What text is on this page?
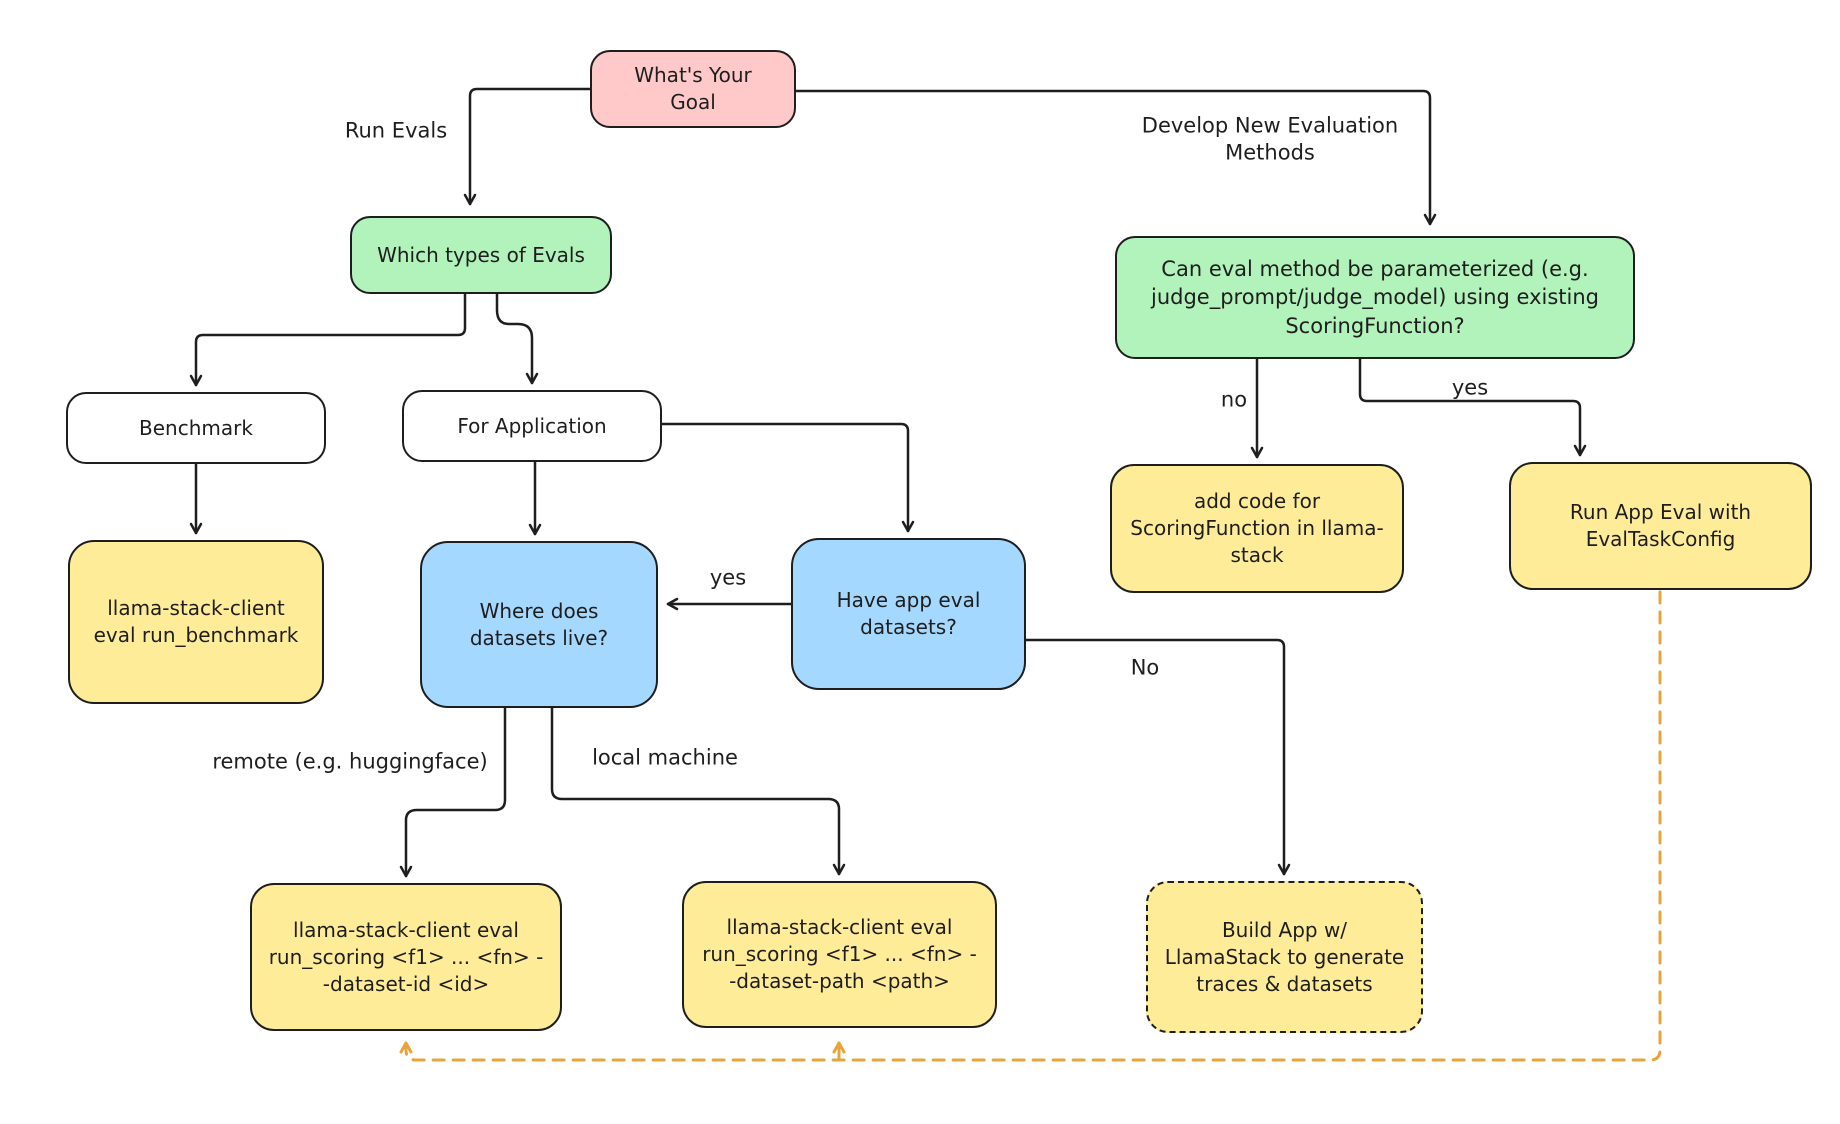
What's Your Goal
Which types of Evals
Benchmark	For Application
llama-stack-client eval run_benchmark
Where does datasets live?
Have app eval datasets?
Can eval method be parameterized (e.g. judge_prompt/judge_model) using existing ScoringFunction?
add code for ScoringFunction in llama-stack
Run App Eval with EvalTaskConfig
llama-stack-client eval run_scoring <f1> ... <fn> --dataset-id <id>
llama-stack-client eval run_scoring <f1> ... <fn> --dataset-path <path>
Build App w/ LlamaStack to generate traces & datasets
Run Evals	Develop New Evaluation Methods
yes
no	yes
No
remote (e.g. huggingface)	local machine
